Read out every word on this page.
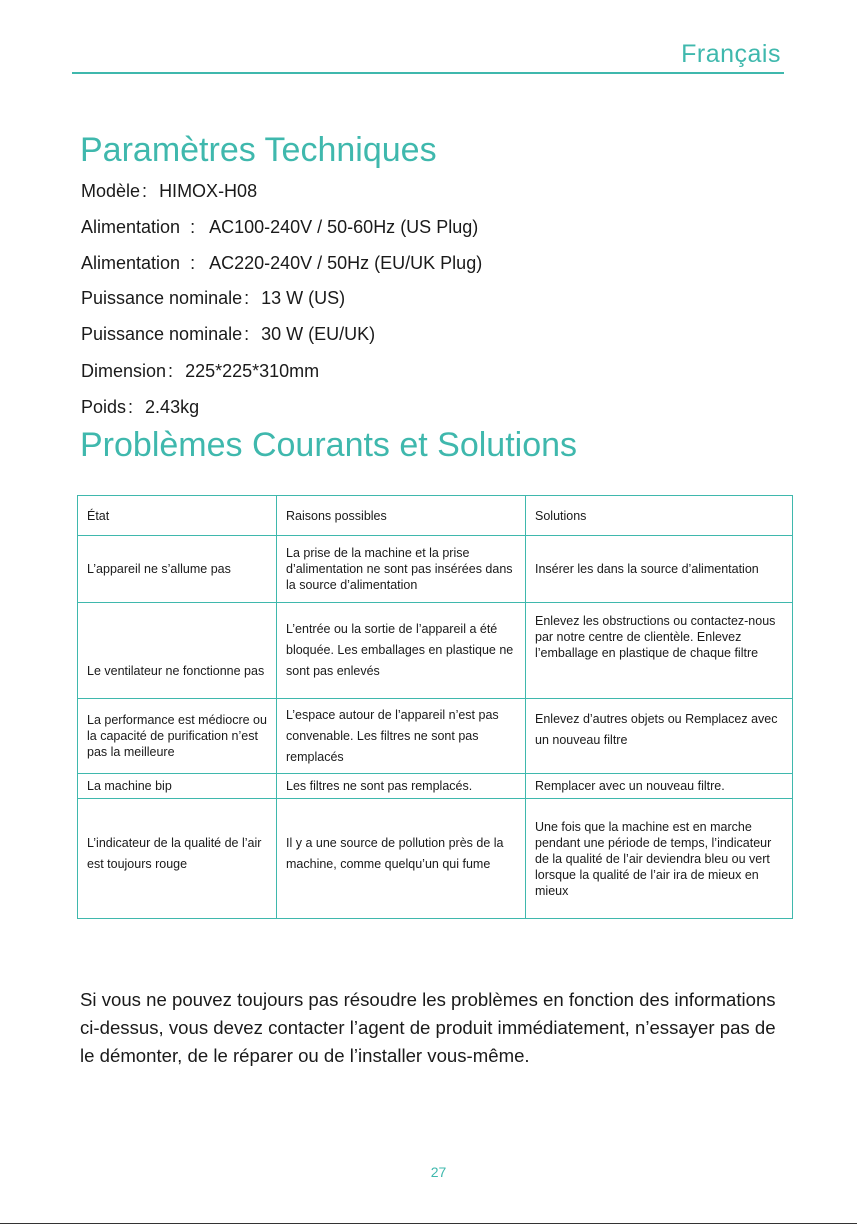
Français
Paramètres Techniques
Modèle : HIMOX-H08
Alimentation : AC100-240V / 50-60Hz (US Plug)
Alimentation : AC220-240V / 50Hz (EU/UK Plug)
Puissance nominale : 13 W (US)
Puissance nominale : 30 W (EU/UK)
Dimension : 225*225*310mm
Poids : 2.43kg
Problèmes Courants et Solutions
État	Raisons possibles	Solutions
L’appareil ne s’allume pas	La prise de la machine et la prise d’alimentation ne sont pas insérées dans la source d’alimentation	Insérer les dans la source d’alimentation
Le ventilateur ne fonctionne pas	L’entrée ou la sortie de l’appareil a été bloquée. Les emballages en plastique ne sont pas enlevés	Enlevez les obstructions ou contactez-nous par notre centre de clientèle. Enlevez l’emballage en plastique de chaque filtre
La performance est médiocre ou la capacité de purification n’est pas la meilleure	L’espace autour de l’appareil n’est pas convenable. Les filtres ne sont pas remplacés	Enlevez d’autres objets ou Remplacez avec un nouveau filtre
La machine bip	Les filtres ne sont pas remplacés.	Remplacer avec un nouveau filtre.
L’indicateur de la qualité de l’air est toujours rouge	Il y a une source de pollution près de la machine, comme quelqu’un qui fume	Une fois que la machine est en marche pendant une période de temps, l’indicateur de la qualité de l’air deviendra bleu ou vert lorsque la qualité de l’air ira de mieux en mieux

Si vous ne pouvez toujours pas résoudre les problèmes en fonction des informations ci-dessus, vous devez contacter l’agent de produit immédiatement, n’essayer pas de le démonter, de le réparer ou de l’installer vous-même.

27
